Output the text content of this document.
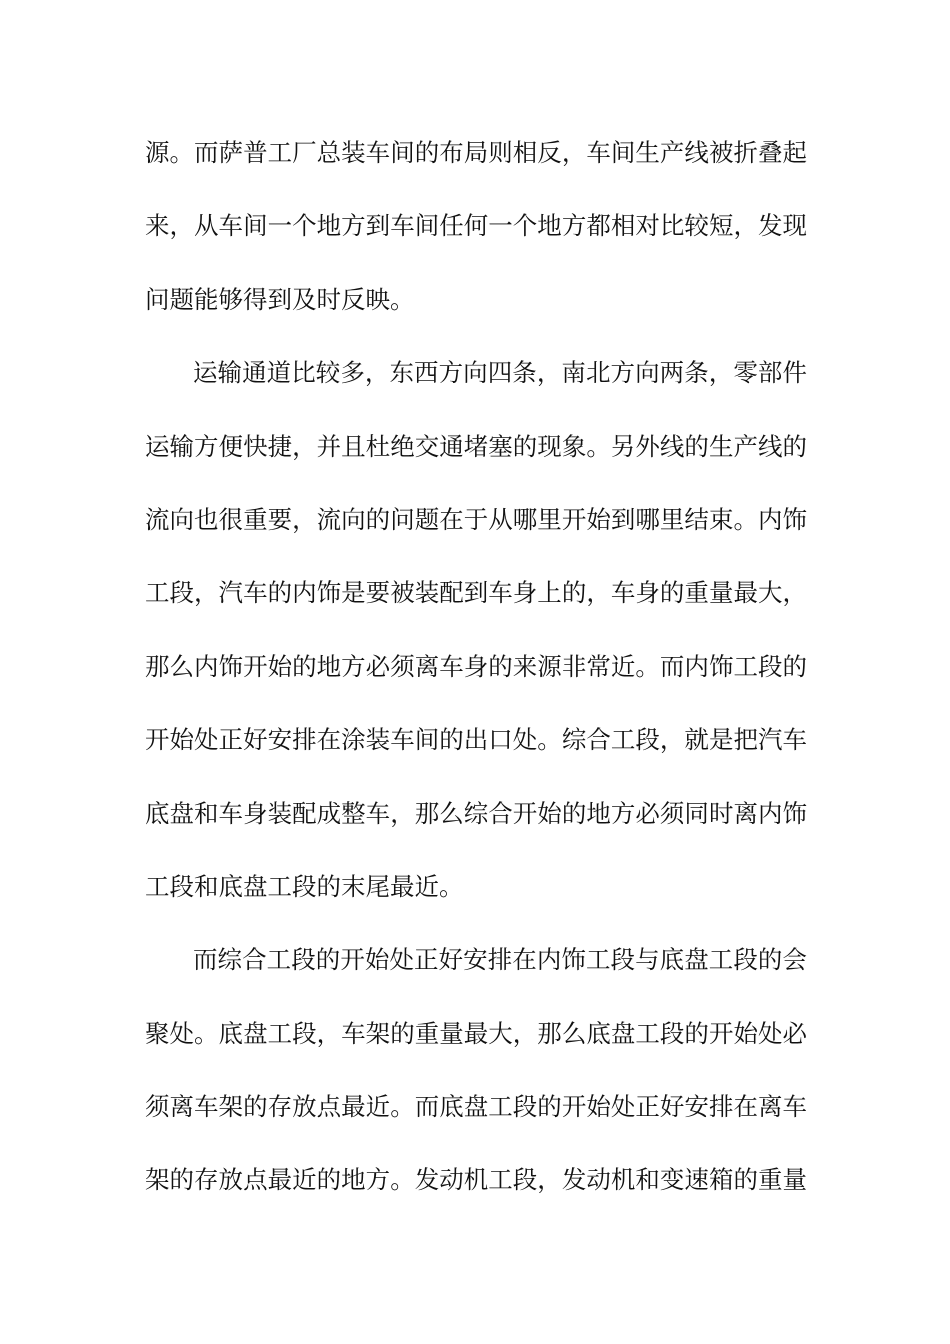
源。而萨普工厂总装车间的布局则相反，车间生产线被折叠起
来，从车间一个地方到车间任何一个地方都相对比较短，发现
问题能够得到及时反映。
运输通道比较多，东西方向四条，南北方向两条，零部件
运输方便快捷，并且杜绝交通堵塞的现象。另外线的生产线的
流向也很重要，流向的问题在于从哪里开始到哪里结束。内饰
工段，汽车的内饰是要被装配到车身上的，车身的重量最大，
那么内饰开始的地方必须离车身的来源非常近。而内饰工段的
开始处正好安排在涂装车间的出口处。综合工段，就是把汽车
底盘和车身装配成整车，那么综合开始的地方必须同时离内饰
工段和底盘工段的末尾最近。
而综合工段的开始处正好安排在内饰工段与底盘工段的会
聚处。底盘工段，车架的重量最大，那么底盘工段的开始处必
须离车架的存放点最近。而底盘工段的开始处正好安排在离车
架的存放点最近的地方。发动机工段，发动机和变速箱的重量
